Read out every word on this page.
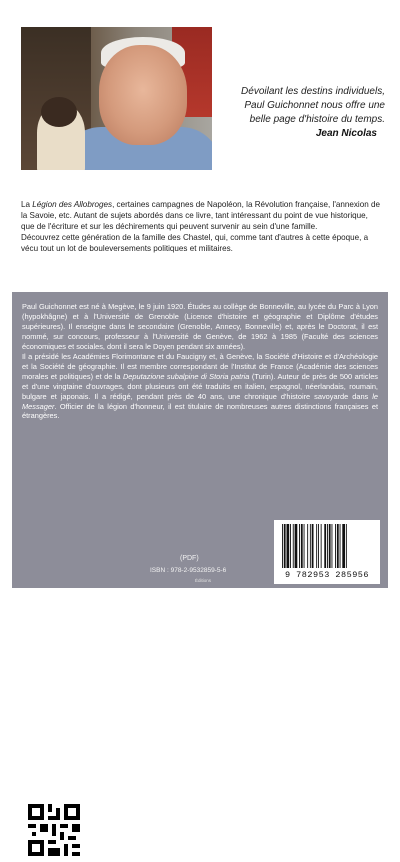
Dévoilant les destins individuels,
Paul Guichonnet nous offre une
belle page d'histoire du temps.
Jean Nicolas

La Légion des Allobroges, certaines campagnes de Napoléon, la Révolution française, l'annexion de la Savoie, etc. Autant de sujets abordés dans ce livre, tant intéressant du point de vue historique, que de l'écriture et sur les déchirements qui peuvent survenir au sein d'une famille.

Découvrez cette génération de la famille des Chastel, qui, comme tant d'autres à cette époque, a vécu tout un lot de bouleversements politiques et militaires.

Paul Guichonnet est né à Megève, le 9 juin 1920. Études au collège de Bonneville, au lycée du Parc à Lyon (hypokhâgne) et à l'Université de Grenoble (Licence d'histoire et géographie et Diplôme d'études supérieures). Il enseigne dans le secondaire (Grenoble, Annecy, Bonneville) et, après le Doctorat, il est nommé, sur concours, professeur à l'Université de Genève, de 1962 à 1985 (Faculté des sciences économiques et sociales, dont il sera le Doyen pendant six années).

Il a présidé les Académies Florimontane et du Faucigny et, à Genève, la Société d'Histoire et d'Archéologie et la Société de géographie. Il est membre correspondant de l'Institut de France (Académie des sciences morales et politiques) et de la Deputazione subalpine di Storia patria (Turin). Auteur de près de 500 articles et d'une vingtaine d'ouvrages, dont plusieurs ont été traduits en italien, espagnol, néerlandais, roumain, bulgare et japonais. Il a rédigé, pendant près de 40 ans, une chronique d'histoire savoyarde dans le Messager. Officier de la légion d'honneur, il est titulaire de nombreuses autres distinctions françaises et étrangères.

www.fiction-et-cie.com
(PDF)
ISBN : 978-2-9532859-5-6
Éditions
9 782953 285956
